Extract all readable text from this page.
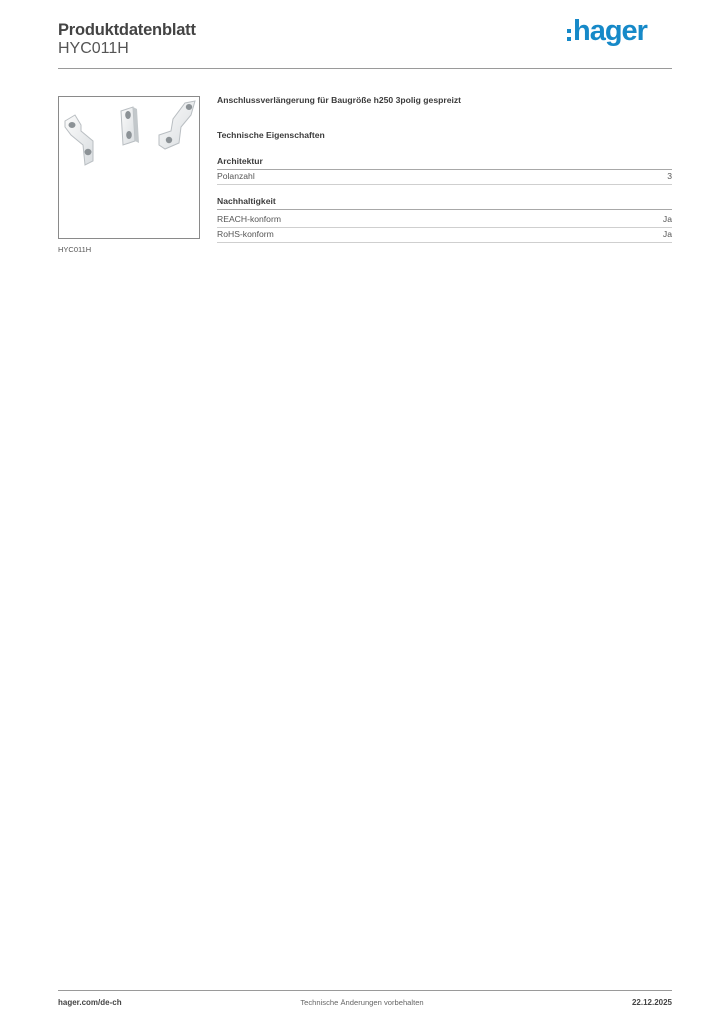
Produktdatenblatt
HYC011H
hager
HYC011H
Anschlussverlängerung für Baugröße h250 3polig gespreizt
Technische Eigenschaften
Architektur
Polanzahl	3
Nachhaltigkeit
REACH-konform	Ja
RoHS-konform	Ja
hager.com/de-ch	Technische Änderungen vorbehalten	22.12.2025
